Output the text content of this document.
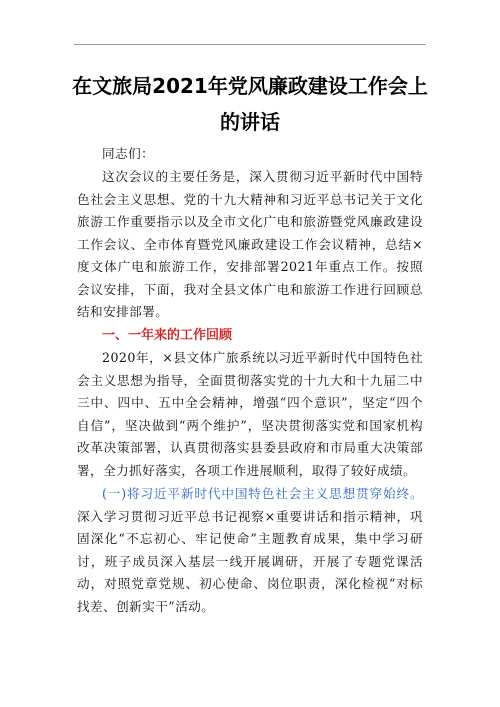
在文旅局2021年党风廉政建设工作会上的讲话
同志们：
这次会议的主要任务是，深入贯彻习近平新时代中国特色社会主义思想、党的十九大精神和习近平总书记关于文化旅游工作重要指示以及全市文化广电和旅游暨党风廉政建设工作会议、全市体育暨党风廉政建设工作会议精神，总结×度文体广电和旅游工作，安排部署2021年重点工作。按照会议安排，下面，我对全县文体广电和旅游工作进行回顾总结和安排部署。
一、一年来的工作回顾
2020年，×县文体广旅系统以习近平新时代中国特色社会主义思想为指导，全面贯彻落实党的十九大和十九届二中三中、四中、五中全会精神，增强“四个意识”，坚定“四个自信”，坚决做到“两个维护”，坚决贯彻落实党和国家机构改革决策部署，认真贯彻落实县委县政府和市局重大决策部署，全力抓好落实，各项工作进展顺利，取得了较好成绩。
(一)将习近平新时代中国特色社会主义思想贯穿始终。深入学习贯彻习近平总书记视察×重要讲话和指示精神，巩固深化“不忘初心、牢记使命”主题教育成果，集中学习研讨，班子成员深入基层一线开展调研，开展了专题党课活动，对照党章党规、初心使命、岗位职责，深化检视“对标找差、创新实干”活动。
